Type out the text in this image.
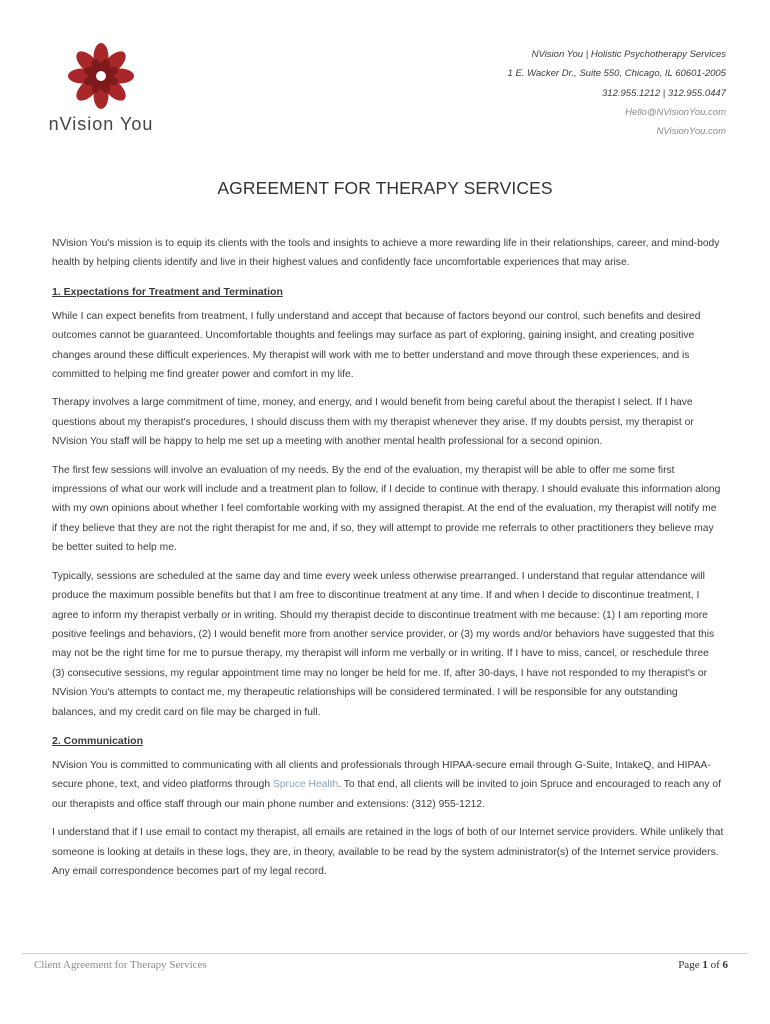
nVision You
NVision You | Holistic Psychotherapy Services
1 E. Wacker Dr., Suite 550, Chicago, IL 60601-2005
312.955.1212 | 312.955.0447
Hello@NVisionYou.com
NVisionYou.com
AGREEMENT FOR THERAPY SERVICES

NVision You's mission is to equip its clients with the tools and insights to achieve a more rewarding life in their relationships, career, and mind-body health by helping clients identify and live in their highest values and confidently face uncomfortable experiences that may arise.

1. Expectations for Treatment and Termination

While I can expect benefits from treatment, I fully understand and accept that because of factors beyond our control, such benefits and desired outcomes cannot be guaranteed. Uncomfortable thoughts and feelings may surface as part of exploring, gaining insight, and creating positive changes around these difficult experiences. My therapist will work with me to better understand and move through these experiences, and is committed to helping me find greater power and comfort in my life.

Therapy involves a large commitment of time, money, and energy, and I would benefit from being careful about the therapist I select. If I have questions about my therapist's procedures, I should discuss them with my therapist whenever they arise. If my doubts persist, my therapist or NVision You staff will be happy to help me set up a meeting with another mental health professional for a second opinion.

The first few sessions will involve an evaluation of my needs. By the end of the evaluation, my therapist will be able to offer me some first impressions of what our work will include and a treatment plan to follow, if I decide to continue with therapy. I should evaluate this information along with my own opinions about whether I feel comfortable working with my assigned therapist. At the end of the evaluation, my therapist will notify me if they believe that they are not the right therapist for me and, if so, they will attempt to provide me referrals to other practitioners they believe may be better suited to help me.

Typically, sessions are scheduled at the same day and time every week unless otherwise prearranged. I understand that regular attendance will produce the maximum possible benefits but that I am free to discontinue treatment at any time. If and when I decide to discontinue treatment, I agree to inform my therapist verbally or in writing. Should my therapist decide to discontinue treatment with me because: (1) I am reporting more positive feelings and behaviors, (2) I would benefit more from another service provider, or (3) my words and/or behaviors have suggested that this may not be the right time for me to pursue therapy, my therapist will inform me verbally or in writing. If I have to miss, cancel, or reschedule three (3) consecutive sessions, my regular appointment time may no longer be held for me. If, after 30-days, I have not responded to my therapist's or NVision You's attempts to contact me, my therapeutic relationships will be considered terminated. I will be responsible for any outstanding balances, and my credit card on file may be charged in full.

2. Communication

NVision You is committed to communicating with all clients and professionals through HIPAA-secure email through G-Suite, IntakeQ, and HIPAA-secure phone, text, and video platforms through Spruce Health. To that end, all clients will be invited to join Spruce and encouraged to reach any of our therapists and office staff through our main phone number and extensions: (312) 955-1212.

I understand that if I use email to contact my therapist, all emails are retained in the logs of both of our Internet service providers. While unlikely that someone is looking at details in these logs, they are, in theory, available to be read by the system administrator(s) of the Internet service providers. Any email correspondence becomes part of my legal record.

Client Agreement for Therapy Services	Page 1 of 6
